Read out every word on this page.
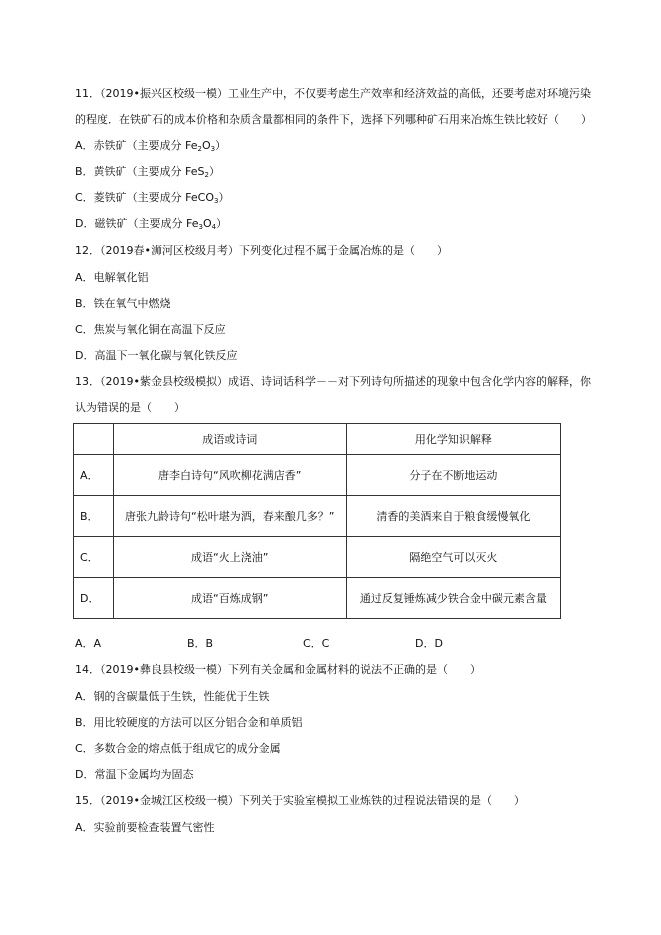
11．（2019•振兴区校级一模）工业生产中，不仅要考虑生产效率和经济效益的高低，还要考虑对环境污染
的程度．在铁矿石的成本价格和杂质含量都相同的条件下，选择下列哪种矿石用来冶炼生铁比较好（　　）
A．赤铁矿（主要成分 $Fe_2O_3$）
B．黄铁矿（主要成分 FeS$_2$）
C．菱铁矿（主要成分 FeCO$_3$）
D．磁铁矿（主要成分 $Fe_3O_4$）
12．（2019春•浉河区校级月考）下列变化过程不属于金属冶炼的是（　　）
A．电解氧化铝
B．铁在氧气中燃烧
C．焦炭与氧化铜在高温下反应
D．高温下一氧化碳与氧化铁反应
13．（2019•紫金县校级模拟）成语、诗词话科学－－对下列诗句所描述的现象中包含化学内容的解释，你
认为错误的是（　　）
	成语或诗词	用化学知识解释
A．	唐李白诗句“风吹柳花满店香”	分子在不断地运动
B．	唐张九龄诗句“松叶堪为酒，春来酿几多？”	清香的美酒来自于粮食缓慢氧化
C．	成语“火上浇油”	隔绝空气可以灭火
D．	成语“百炼成钢”	通过反复锤炼减少铁合金中碳元素含量
A．A	B．B	C．C	D．D
14．（2019•彝良县校级一模）下列有关金属和金属材料的说法不正确的是（　　）
A．钢的含碳量低于生铁，性能优于生铁
B．用比较硬度的方法可以区分铝合金和单质铝
C．多数合金的熔点低于组成它的成分金属
D．常温下金属均为固态
15．（2019•金城江区校级一模）下列关于实验室模拟工业炼铁的过程说法错误的是（　　）
A．实验前要检查装置气密性
